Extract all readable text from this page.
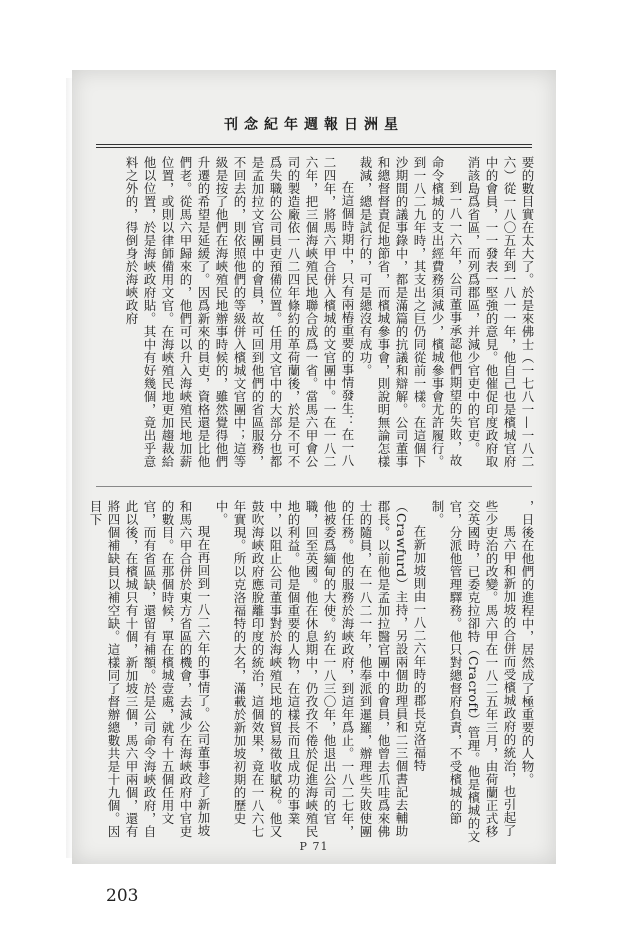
星洲日報週年紀念刊

要的數目實在太大了。於是來佛士（一七八一—一八二六）從一八〇五年到一八一一年，他自己也是檳城官府中的會員，一一發表一堅強的意見。他催促印度政府取消該島爲省區，而列爲郡區，并減少官吏中的官吏。

到一八一六年，公司董事承認他們期望的失敗，故命令檳城的支出經費務須減少，檳城參事會尤許履行。到一八二九年時，其支出之巨仍同從前一樣。在這個下沙期間的議事錄中，都是滿篇的抗議和辯解。公司董事和總督督責促地節省，而檳城參事會，則說明無論怎樣裁減，總是試行的，可是總沒有成功。

在這個時期中，只有兩樁重要的事情發生：在一八二四年，將馬六甲合併入檳城的文官團中。一在一八二六年，把三個海峽殖民地聯合成爲一省。當馬六甲會公司的製造廠依一八二四年條約的革荷蘭後，於是不可不爲失職的公司員吏預備位置。任用文官中的大部分也都是孟加拉文官團中的會員，故可回到他們的省區服務，不回去的，則依照他們的等級併入檳城文官團中；這等級是按了他們在海峽殖民地辦事時候的，雖然覺得他們升遷的希望是延緩了。因爲新來的員吏，資格還是比他們老。從馬六甲歸來的，他們可以升入海峽殖民地加薪位置，或則以律師備用文官。在海峽殖民地更加趨裁給他以位置，於是海峽政府貼。其中有好幾個，竟出乎意料之外的，得倒身於海峽政府

，日後在他們的進程中，居然成了極重要的人物。

馬六甲和新加坡的合併而受檳城政府的統治，也引起了些少吏治的改變。馬六甲在一八二五年三月，由荷蘭正式移交英國時，已委克拉卻特（Cracroft）管理。他是檳城的文官，分派他管理驛務。他只對總督府負責，不受檳城的節制。

在新加坡則由一八二六年時的郡長克洛福特（Crawfurd）主持，另設兩個助理員和二三個書記去輔助郡長。以前他是孟加拉醫官團中的會員，他曾去爪哇爲來佛士的隨員，在一八二一年，他奉派到暹羅，辦理些失敗使團的任務。他的服務於海峽政府，到這年爲止。一八二七年，他被委爲緬甸的大使。約在一八三〇年，他退出公司的官職，回至英國。他在休息期中，仍孜孜不倦於促進海峽殖民地的利益。他是個重要的人物，在這樣長而且成功的事業中，以阻止公司董事對於海峽殖民地的貿易徵收賦稅。他又鼓吹海峽政府應脫離印度的統治，這個效果，竟在一八六七年實現。所以克洛福特的大名，滿載於新加坡初期的歷史中。

現在再回到一八二六年的事情了。公司董事趁了新加坡和馬六甲合併於東方省區的機會，去減少在海峽政府中官吏的數目。在那個時候，單在檳城壹處，就有十五個任用文官，而有省區缺，還留有補額。於是公司命令海峽政府，自此以後，在檳城只有十個，新加坡三個，馬六甲兩個，還有將四個補缺員以補空缺。這樣同了督辦總數共是十九個。因目下

P 71
203
